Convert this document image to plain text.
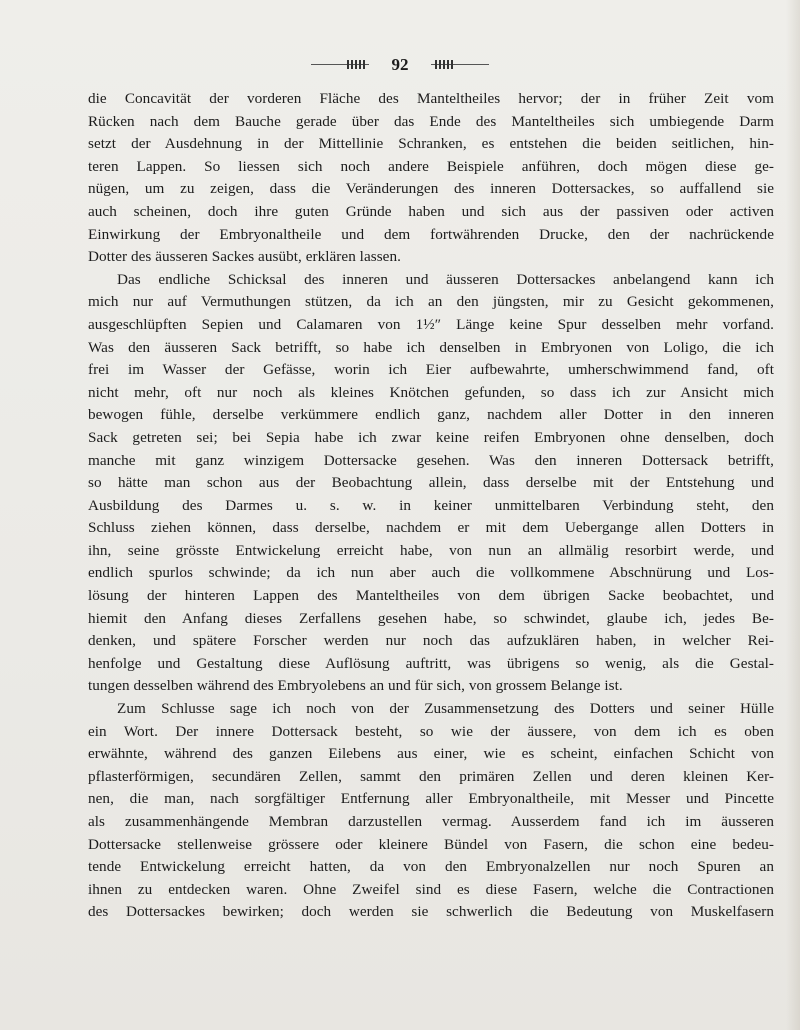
92
die Concavität der vorderen Fläche des Manteltheiles hervor; der in früher Zeit vom
Rücken nach dem Bauche gerade über das Ende des Manteltheiles sich umbiegende Darm
setzt der Ausdehnung in der Mittellinie Schranken, es entstehen die beiden seitlichen, hin-
teren Lappen. So liessen sich noch andere Beispiele anführen, doch mögen diese ge-
nügen, um zu zeigen, dass die Veränderungen des inneren Dottersackes, so auffallend sie
auch scheinen, doch ihre guten Gründe haben und sich aus der passiven oder activen
Einwirkung der Embryonaltheile und dem fortwährenden Drucke, den der nachrückende
Dotter des äusseren Sackes ausübt, erklären lassen.
Das endliche Schicksal des inneren und äusseren Dottersackes anbelangend kann ich
mich nur auf Vermuthungen stützen, da ich an den jüngsten, mir zu Gesicht gekommenen,
ausgeschlüpften Sepien und Calamaren von 1½″ Länge keine Spur desselben mehr vorfand.
Was den äusseren Sack betrifft, so habe ich denselben in Embryonen von Loligo, die ich
frei im Wasser der Gefässe, worin ich Eier aufbewahrte, umherschwimmend fand, oft
nicht mehr, oft nur noch als kleines Knötchen gefunden, so dass ich zur Ansicht mich
bewogen fühle, derselbe verkümmere endlich ganz, nachdem aller Dotter in den inneren
Sack getreten sei; bei Sepia habe ich zwar keine reifen Embryonen ohne denselben, doch
manche mit ganz winzigem Dottersacke gesehen. Was den inneren Dottersack betrifft,
so hätte man schon aus der Beobachtung allein, dass derselbe mit der Entstehung und
Ausbildung des Darmes u. s. w. in keiner unmittelbaren Verbindung steht, den
Schluss ziehen können, dass derselbe, nachdem er mit dem Uebergange allen Dotters in
ihn, seine grösste Entwickelung erreicht habe, von nun an allmälig resorbirt werde, und
endlich spurlos schwinde; da ich nun aber auch die vollkommene Abschnürung und Los-
lösung der hinteren Lappen des Manteltheiles von dem übrigen Sacke beobachtet, und
hiemit den Anfang dieses Zerfallens gesehen habe, so schwindet, glaube ich, jedes Be-
denken, und spätere Forscher werden nur noch das aufzuklären haben, in welcher Rei-
henfolge und Gestaltung diese Auflösung auftritt, was übrigens so wenig, als die Gestal-
tungen desselben während des Embryolebens an und für sich, von grossem Belange ist.
Zum Schlusse sage ich noch von der Zusammensetzung des Dotters und seiner Hülle
ein Wort. Der innere Dottersack besteht, so wie der äussere, von dem ich es oben
erwähnte, während des ganzen Eilebens aus einer, wie es scheint, einfachen Schicht von
pflasterförmigen, secundären Zellen, sammt den primären Zellen und deren kleinen Ker-
nen, die man, nach sorgfältiger Entfernung aller Embryonaltheile, mit Messer und Pincette
als zusammenhängende Membran darzustellen vermag. Ausserdem fand ich im äusseren
Dottersacke stellenweise grössere oder kleinere Bündel von Fasern, die schon eine bedeu-
tende Entwickelung erreicht hatten, da von den Embryonalzellen nur noch Spuren an
ihnen zu entdecken waren. Ohne Zweifel sind es diese Fasern, welche die Contractionen
des Dottersackes bewirken; doch werden sie schwerlich die Bedeutung von Muskelfasern
